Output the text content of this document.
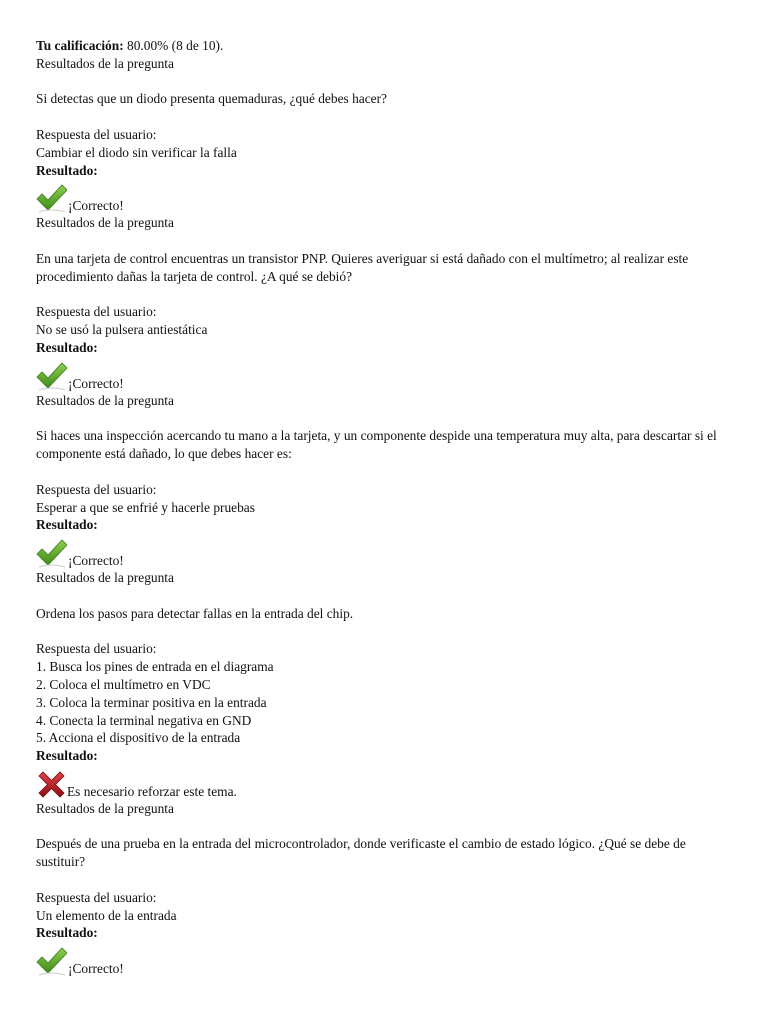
Tu calificación: 80.00% (8 de 10).
Resultados de la pregunta
Si detectas que un diodo presenta quemaduras, ¿qué debes hacer?
Respuesta del usuario:
Cambiar el diodo sin verificar la falla
Resultado:
¡Correcto!
Resultados de la pregunta
En una tarjeta de control encuentras un transistor PNP. Quieres averiguar si está dañado con el multímetro; al realizar este procedimiento dañas la tarjeta de control. ¿A qué se debió?
Respuesta del usuario:
No se usó la pulsera antiestática
Resultado:
¡Correcto!
Resultados de la pregunta
Si haces una inspección acercando tu mano a la tarjeta, y un componente despide una temperatura muy alta, para descartar si el componente está dañado, lo que debes hacer es:
Respuesta del usuario:
Esperar a que se enfrié y hacerle pruebas
Resultado:
¡Correcto!
Resultados de la pregunta
Ordena los pasos para detectar fallas en la entrada del chip.
Respuesta del usuario:
1. Busca los pines de entrada en el diagrama
2. Coloca el multímetro en VDC
3. Coloca la terminar positiva en la entrada
4. Conecta la terminal negativa en GND
5. Acciona el dispositivo de la entrada
Resultado:
Es necesario reforzar este tema.
Resultados de la pregunta
Después de una prueba en la entrada del microcontrolador, donde verificaste el cambio de estado lógico. ¿Qué se debe de sustituir?
Respuesta del usuario:
Un elemento de la entrada
Resultado:
¡Correcto!
